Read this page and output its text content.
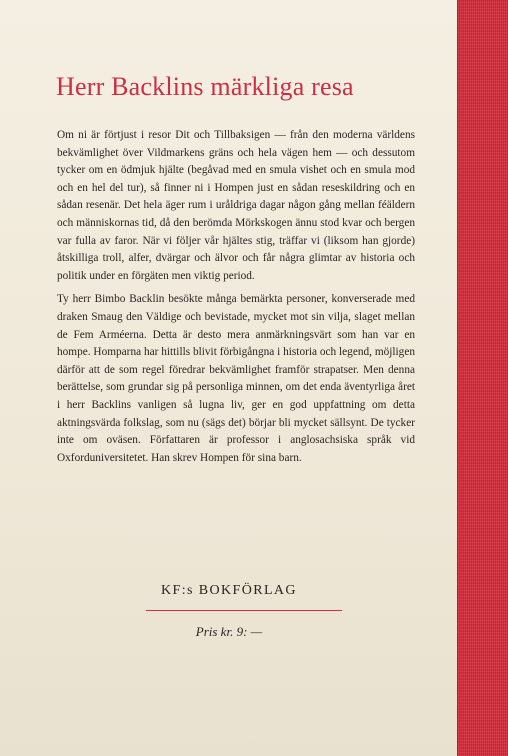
Herr Backlins märkliga resa

Om ni är förtjust i resor Dit och Tillbaksigen — från den moderna världens bekvämlighet över Vildmarkens gräns och hela vägen hem — och dessutom tycker om en ödmjuk hjälte (begåvad med en smula vishet och en smula mod och en hel del tur), så finner ni i Hompen just en sådan reseskildring och en sådan resenär. Det hela äger rum i uråldriga dagar någon gång mellan féäldern och människornas tid, då den berömda Mörkskogen ännu stod kvar och bergen var fulla av faror. När vi följer vår hjältes stig, träffar vi (liksom han gjorde) åtskilliga troll, alfer, dvärgar och älvor och får några glimtar av historia och politik under en förgäten men viktig period.

Ty herr Bimbo Backlin besökte många bemärkta personer, konverserade med draken Smaug den Väldige och bevistade, mycket mot sin vilja, slaget mellan de Fem Arméerna. Detta är desto mera anmärkningsvärt som han var en hompe. Homparna har hittills blivit förbigångna i historia och legend, möjligen därför att de som regel föredrar bekvämlighet framför strapatser. Men denna berättelse, som grundar sig på personliga minnen, om det enda äventyrliga året i herr Backlins vanligen så lugna liv, ger en god uppfattning om detta aktningsvärda folkslag, som nu (sägs det) börjar bli mycket sällsynt. De tycker inte om oväsen. Författaren är professor i anglosachsiska språk vid Oxforduniversitetet. Han skrev Hompen för sina barn.

KF:s BOKFÖRLAG

Pris kr. 9: —
